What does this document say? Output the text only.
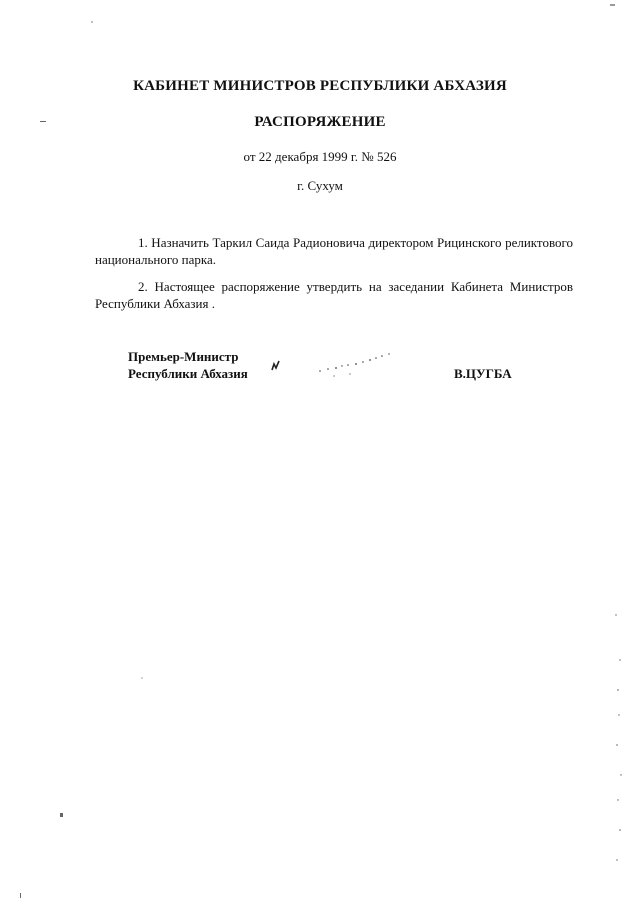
КАБИНЕТ МИНИСТРОВ РЕСПУБЛИКИ АБХАЗИЯ
РАСПОРЯЖЕНИЕ
от 22 декабря 1999 г. № 526
г. Сухум
1. Назначить Таркил Саида Радионовича директором Рицинского реликтового национального парка.
2. Настоящее распоряжение утвердить на заседании Кабинета Министров Республики Абхазия .
Премьер-Министр
Республики Абхазия	В.ЦУГБА
